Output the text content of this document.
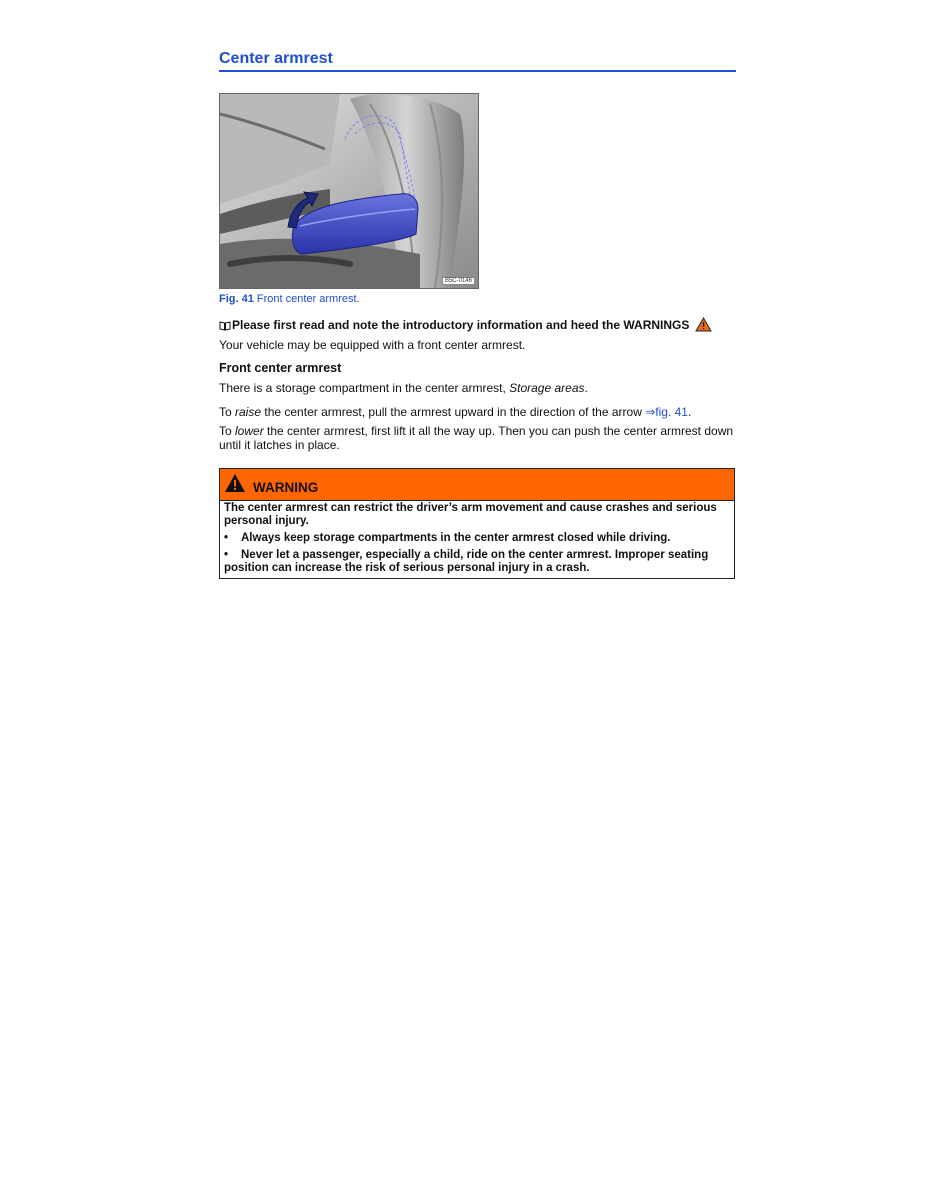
Center armrest
B5C-0146
Fig. 41 Front center armrest.
Please first read and note the introductory information and heed the WARNINGS
Your vehicle may be equipped with a front center armrest.
Front center armrest
There is a storage compartment in the center armrest, Storage areas.
To raise the center armrest, pull the armrest upward in the direction of the arrow ⇒fig. 41.
To lower the center armrest, first lift it all the way up. Then you can push the center armrest down until it latches in place.
WARNING
The center armrest can restrict the driver’s arm movement and cause crashes and serious personal injury.
• Always keep storage compartments in the center armrest closed while driving.
• Never let a passenger, especially a child, ride on the center armrest. Improper seating position can increase the risk of serious personal injury in a crash.
